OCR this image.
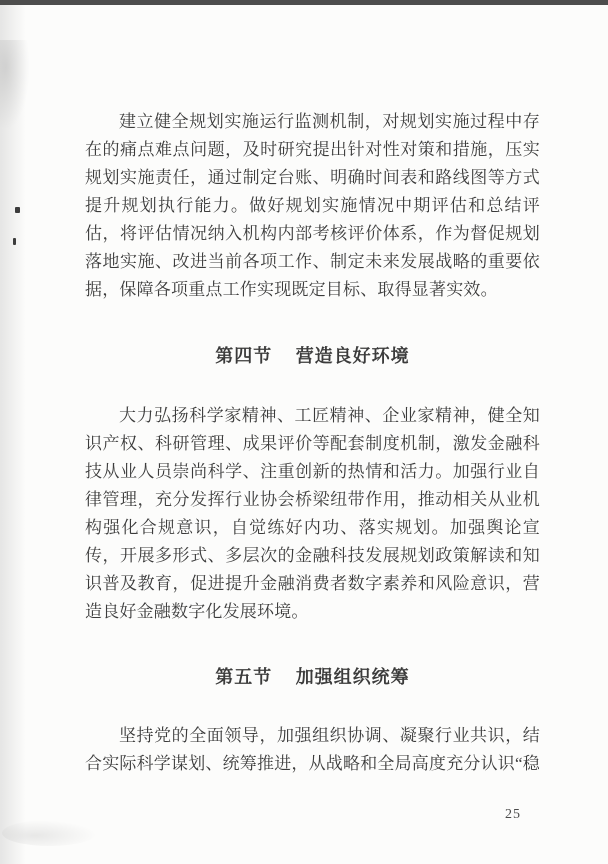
建立健全规划实施运行监测机制，对规划实施过程中存在的痛点难点问题，及时研究提出针对性对策和措施，压实规划实施责任，通过制定台账、明确时间表和路线图等方式提升规划执行能力。做好规划实施情况中期评估和总结评估，将评估情况纳入机构内部考核评价体系，作为督促规划落地实施、改进当前各项工作、制定未来发展战略的重要依据，保障各项重点工作实现既定目标、取得显著实效。

第四节 营造良好环境

大力弘扬科学家精神、工匠精神、企业家精神，健全知识产权、科研管理、成果评价等配套制度机制，激发金融科技从业人员崇尚科学、注重创新的热情和活力。加强行业自律管理，充分发挥行业协会桥梁纽带作用，推动相关从业机构强化合规意识，自觉练好内功、落实规划。加强舆论宣传，开展多形式、多层次的金融科技发展规划政策解读和知识普及教育，促进提升金融消费者数字素养和风险意识，营造良好金融数字化发展环境。

第五节 加强组织统筹

坚持党的全面领导，加强组织协调、凝聚行业共识，结合实际科学谋划、统筹推进，从战略和全局高度充分认识“稳

25
